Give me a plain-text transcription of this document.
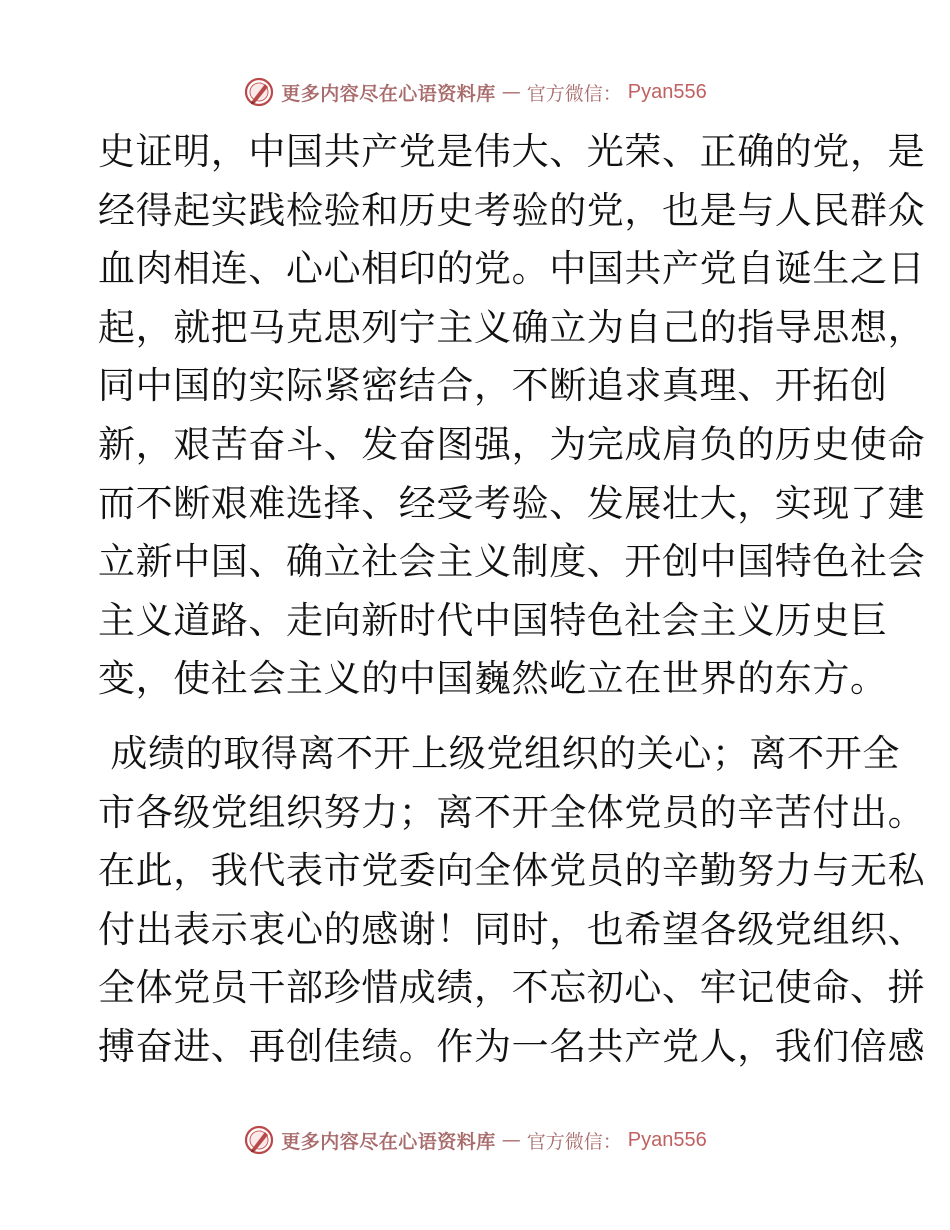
更多内容尽在心语资料库 — 官方微信： Pyan556
史证明，中国共产党是伟大、光荣、正确的党，是
经得起实践检验和历史考验的党，也是与人民群众
血肉相连、心心相印的党。中国共产党自诞生之日
起，就把马克思列宁主义确立为自己的指导思想，
同中国的实际紧密结合，不断追求真理、开拓创
新，艰苦奋斗、发奋图强，为完成肩负的历史使命
而不断艰难选择、经受考验、发展壮大，实现了建
立新中国、确立社会主义制度、开创中国特色社会
主义道路、走向新时代中国特色社会主义历史巨
变，使社会主义的中国巍然屹立在世界的东方。
成绩的取得离不开上级党组织的关心；离不开全
市各级党组织努力；离不开全体党员的辛苦付出。
在此，我代表市党委向全体党员的辛勤努力与无私
付出表示衷心的感谢！同时，也希望各级党组织、
全体党员干部珍惜成绩，不忘初心、牢记使命、拼
搏奋进、再创佳绩。作为一名共产党人，我们倍感
更多内容尽在心语资料库 — 官方微信： Pyan556
